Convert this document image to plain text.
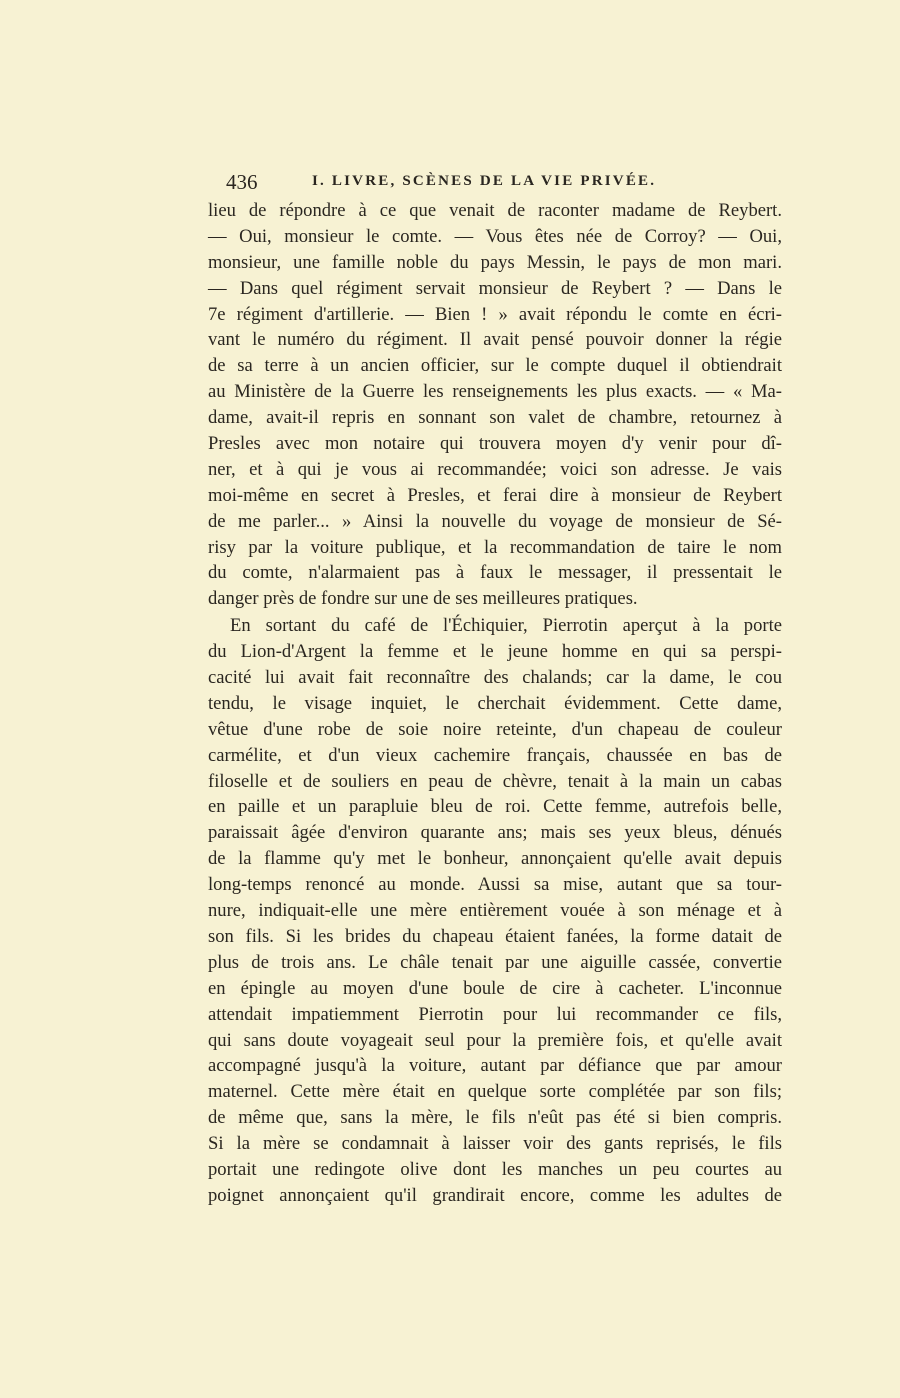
436	I. LIVRE, SCÈNES DE LA VIE PRIVÉE.
lieu de répondre à ce que venait de raconter madame de Reybert.
— Oui, monsieur le comte. — Vous êtes née de Corroy? — Oui,
monsieur, une famille noble du pays Messin, le pays de mon mari.
— Dans quel régiment servait monsieur de Reybert ? — Dans le
7e régiment d'artillerie. — Bien ! » avait répondu le comte en écri-
vant le numéro du régiment. Il avait pensé pouvoir donner la régie
de sa terre à un ancien officier, sur le compte duquel il obtiendrait
au Ministère de la Guerre les renseignements les plus exacts. — « Ma-
dame, avait-il repris en sonnant son valet de chambre, retournez à
Presles avec mon notaire qui trouvera moyen d'y venir pour dî-
ner, et à qui je vous ai recommandée; voici son adresse. Je vais
moi-même en secret à Presles, et ferai dire à monsieur de Reybert
de me parler... » Ainsi la nouvelle du voyage de monsieur de Sé-
risy par la voiture publique, et la recommandation de taire le nom
du comte, n'alarmaient pas à faux le messager, il pressentait le
danger près de fondre sur une de ses meilleures pratiques.
En sortant du café de l'Échiquier, Pierrotin aperçut à la porte
du Lion-d'Argent la femme et le jeune homme en qui sa perspi-
cacité lui avait fait reconnaître des chalands; car la dame, le cou
tendu, le visage inquiet, le cherchait évidemment. Cette dame,
vêtue d'une robe de soie noire reteinte, d'un chapeau de couleur
carmélite, et d'un vieux cachemire français, chaussée en bas de
filoselle et de souliers en peau de chèvre, tenait à la main un cabas
en paille et un parapluie bleu de roi. Cette femme, autrefois belle,
paraissait âgée d'environ quarante ans; mais ses yeux bleus, dénués
de la flamme qu'y met le bonheur, annonçaient qu'elle avait depuis
long-temps renoncé au monde. Aussi sa mise, autant que sa tour-
nure, indiquait-elle une mère entièrement vouée à son ménage et à
son fils. Si les brides du chapeau étaient fanées, la forme datait de
plus de trois ans. Le châle tenait par une aiguille cassée, convertie
en épingle au moyen d'une boule de cire à cacheter. L'inconnue
attendait impatiemment Pierrotin pour lui recommander ce fils,
qui sans doute voyageait seul pour la première fois, et qu'elle avait
accompagné jusqu'à la voiture, autant par défiance que par amour
maternel. Cette mère était en quelque sorte complétée par son fils;
de même que, sans la mère, le fils n'eût pas été si bien compris.
Si la mère se condamnait à laisser voir des gants reprisés, le fils
portait une redingote olive dont les manches un peu courtes au
poignet annonçaient qu'il grandirait encore, comme les adultes de
